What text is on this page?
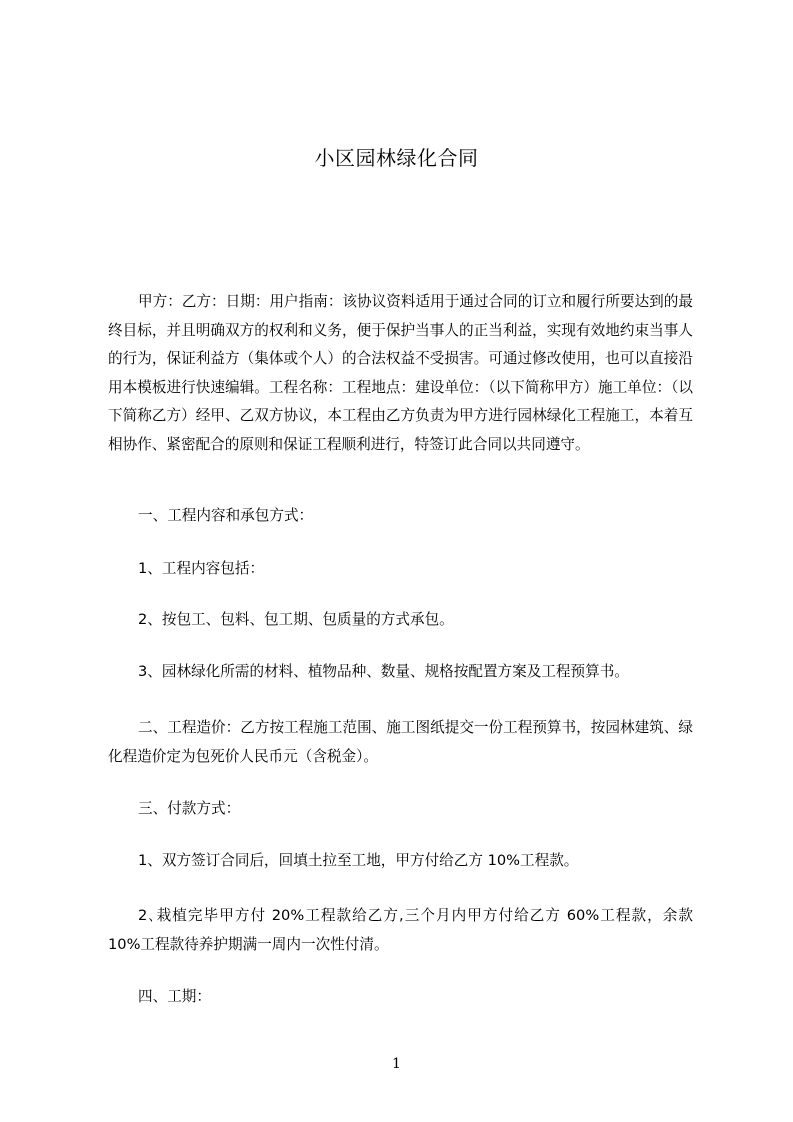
小区园林绿化合同

甲方：乙方：日期：用户指南：该协议资料适用于通过合同的订立和履行所要达到的最终目标，并且明确双方的权利和义务，便于保护当事人的正当利益，实现有效地约束当事人的行为，保证利益方（集体或个人）的合法权益不受损害。可通过修改使用，也可以直接沿用本模板进行快速编辑。工程名称：工程地点：建设单位：（以下简称甲方）施工单位：（以下简称乙方）经甲、乙双方协议，本工程由乙方负责为甲方进行园林绿化工程施工，本着互相协作、紧密配合的原则和保证工程顺利进行，特签订此合同以共同遵守。

一、工程内容和承包方式：

1、工程内容包括：

2、按包工、包料、包工期、包质量的方式承包。

3、园林绿化所需的材料、植物品种、数量、规格按配置方案及工程预算书。

二、工程造价：乙方按工程施工范围、施工图纸提交一份工程预算书，按园林建筑、绿化程造价定为包死价人民币元（含税金）。

三、付款方式：

1、双方签订合同后，回填土拉至工地，甲方付给乙方 10%工程款。

2､栽植完毕甲方付 20%工程款给乙方,三个月内甲方付给乙方 60%工程款，余款 10%工程款待养护期满一周内一次性付清。

四、工期：

1
